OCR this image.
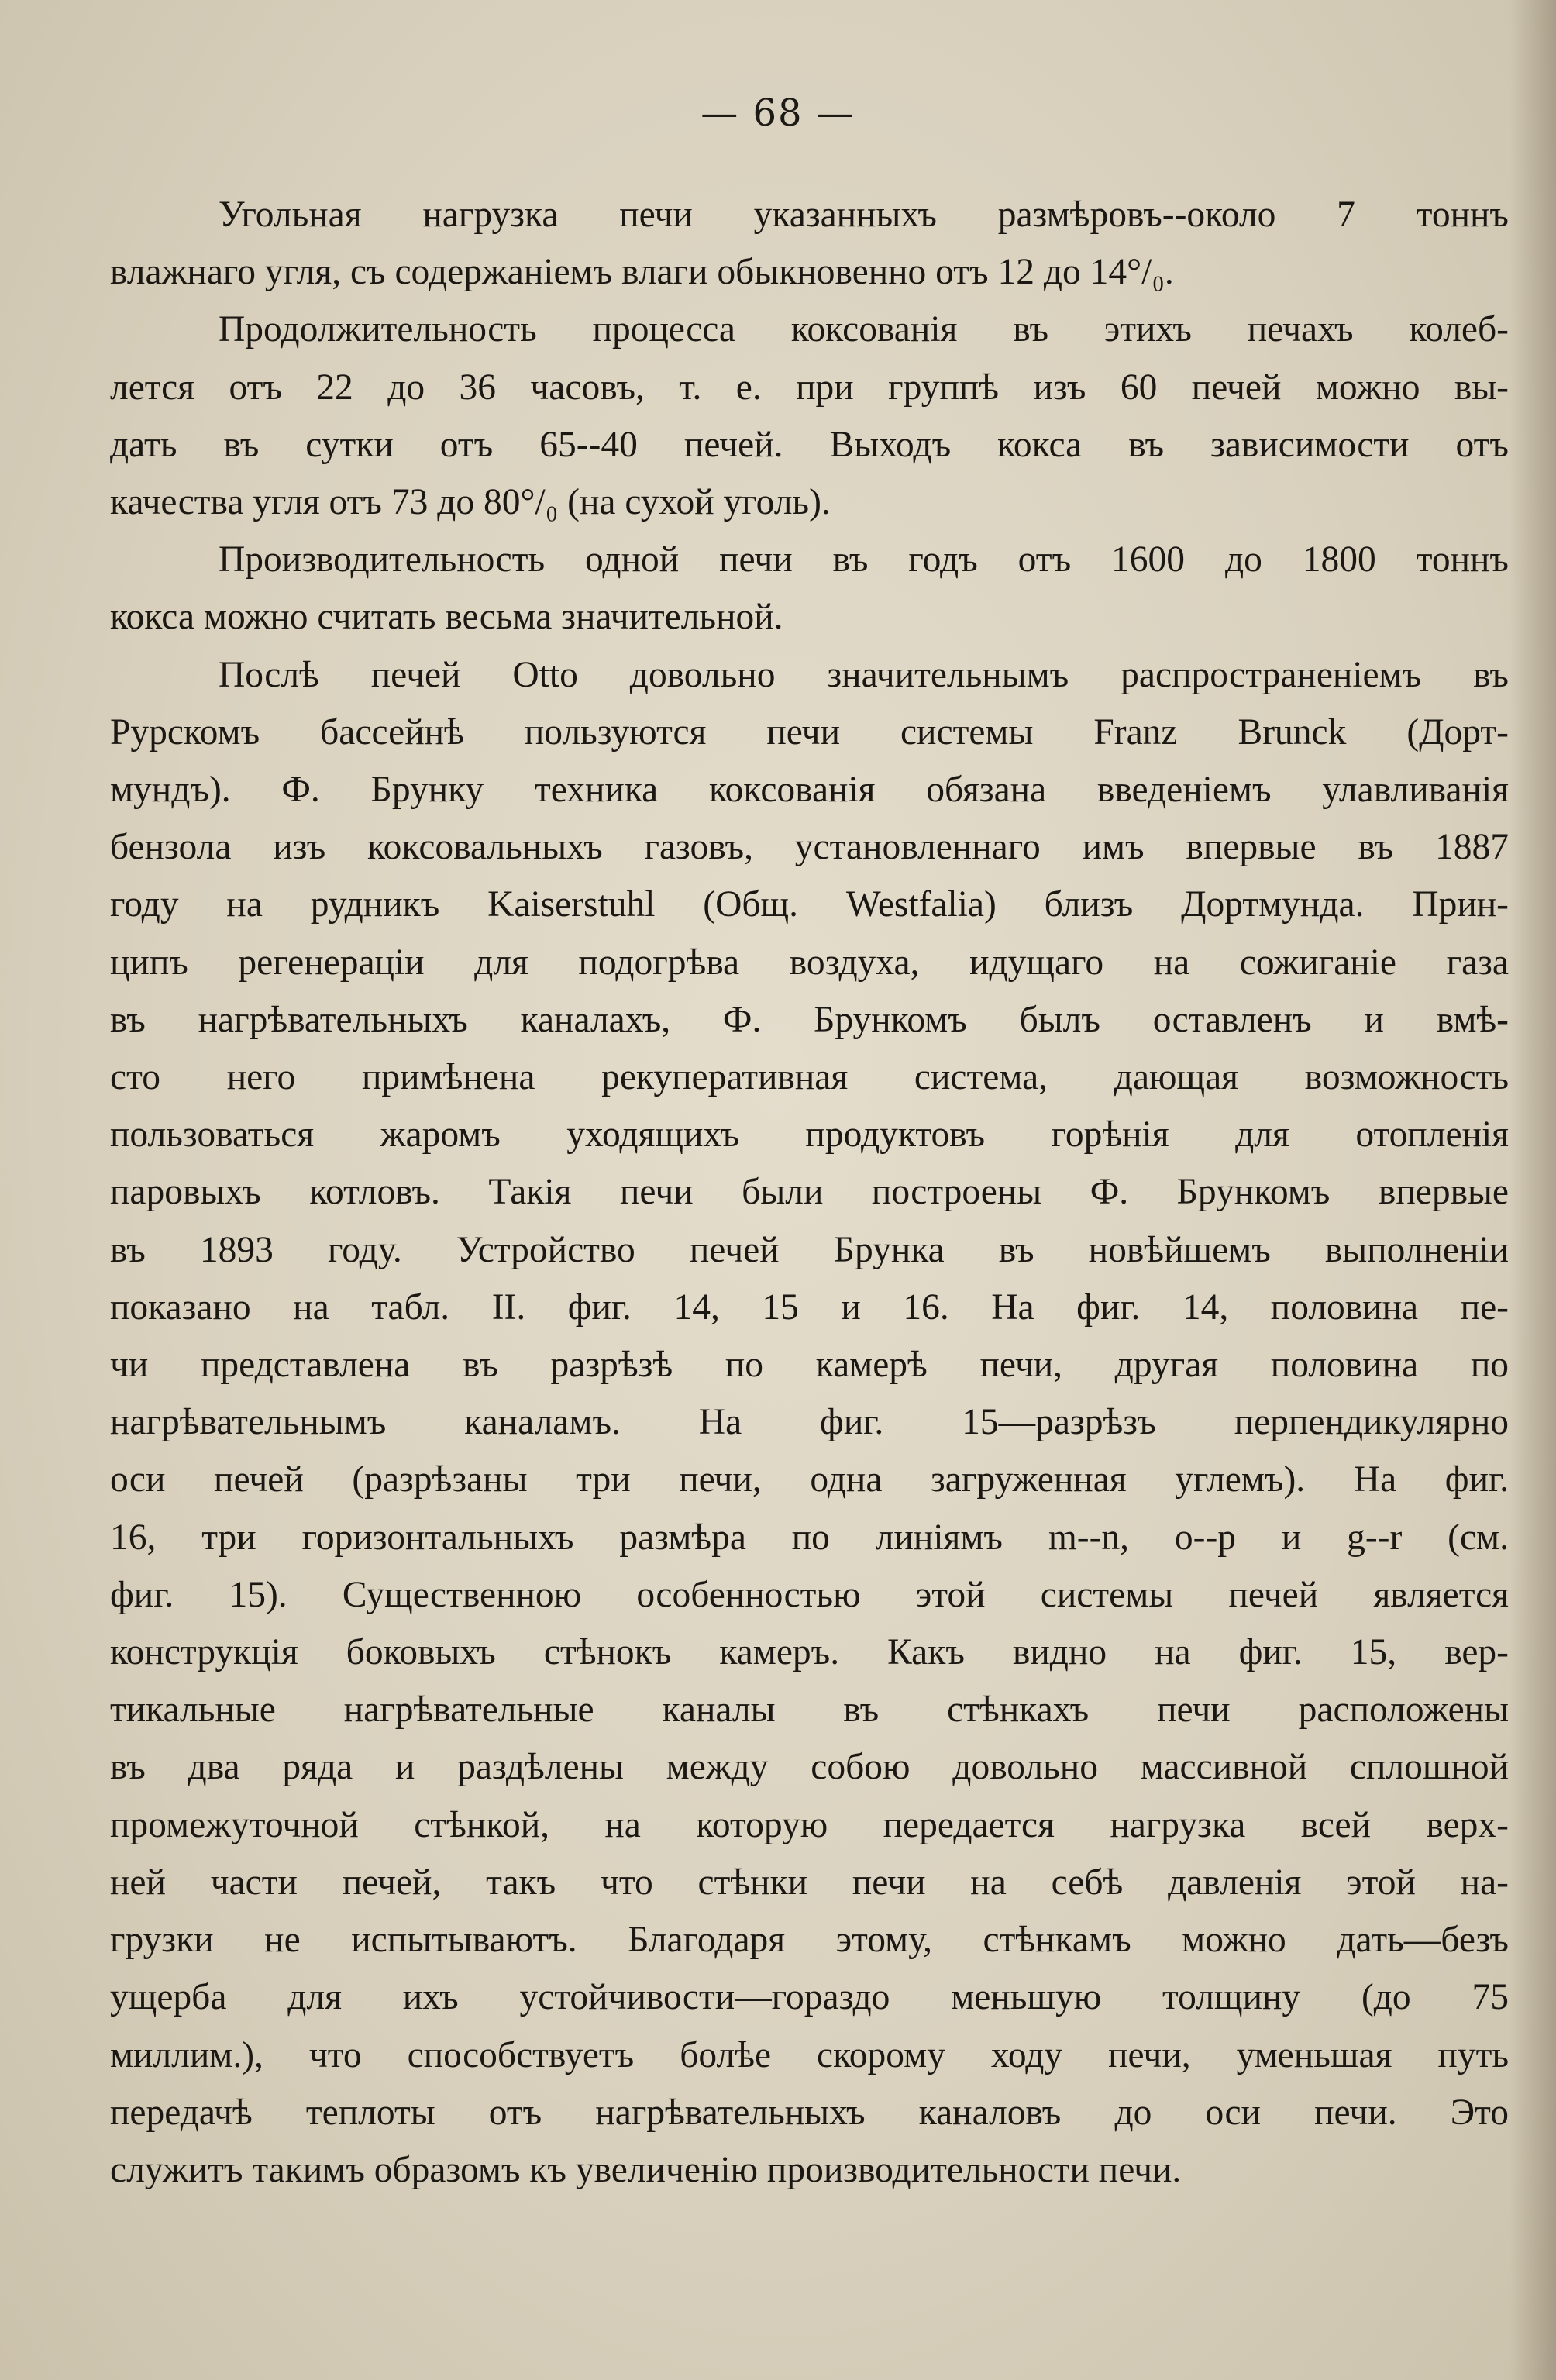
— 68 —
Угольная нагрузка печи указанныхъ размѣровъ--около 7 тоннъ
влажнаго угля, съ содержаніемъ влаги обыкновенно отъ 12 до 14°/₀.
Продолжительность процесса коксованія въ этихъ печахъ колеб-
лется отъ 22 до 36 часовъ, т. е. при группѣ изъ 60 печей можно вы-
дать въ сутки отъ 65--40 печей. Выходъ кокса въ зависимости отъ
качества угля отъ 73 до 80°/₀ (на сухой уголь).
Производительность одной печи въ годъ отъ 1600 до 1800 тоннъ
кокса можно считать весьма значительной.
Послѣ печей Otto довольно значительнымъ распространеніемъ въ
Рурскомъ бассейнѣ пользуются печи системы Franz Brunck (Дорт-
мундъ). Ф. Брунку техника коксованія обязана введеніемъ улавливанія
бензола изъ коксовальныхъ газовъ, установленнаго имъ впервые въ 1887
году на рудникъ Kaiserstuhl (Общ. Westfalia) близъ Дортмунда. Прин-
ципъ регенераціи для подогрѣва воздуха, идущаго на сожиганіе газа
въ нагрѣвательныхъ каналахъ, Ф. Брункомъ былъ оставленъ и вмѣ-
сто него примѣнена рекуперативная система, дающая возможность
пользоваться жаромъ уходящихъ продуктовъ горѣнія для отопленія
паровыхъ котловъ. Такія печи были построены Ф. Брункомъ впервые
въ 1893 году. Устройство печей Брунка въ новѣйшемъ выполненіи
показано на табл. II. фиг. 14, 15 и 16. На фиг. 14, половина пе-
чи представлена въ разрѣзѣ по камерѣ печи, другая половина по
нагрѣвательнымъ каналамъ. На фиг. 15—разрѣзъ перпендикулярно
оси печей (разрѣзаны три печи, одна загруженная углемъ). На фиг.
16, три горизонтальныхъ размѣра по линіямъ m--n, o--p и g--r (см.
фиг. 15). Существенною особенностью этой системы печей является
конструкція боковыхъ стѣнокъ камеръ. Какъ видно на фиг. 15, вер-
тикальные нагрѣвательные каналы въ стѣнкахъ печи расположены
въ два ряда и раздѣлены между собою довольно массивной сплошной
промежуточной стѣнкой, на которую передается нагрузка всей верх-
ней части печей, такъ что стѣнки печи на себѣ давленія этой на-
грузки не испытываютъ. Благодаря этому, стѣнкамъ можно дать—безъ
ущерба для ихъ устойчивости—гораздо меньшую толщину (до 75
миллим.), что способствуетъ болѣе скорому ходу печи, уменьшая путь
передачѣ теплоты отъ нагрѣвательныхъ каналовъ до оси печи. Это
служитъ такимъ образомъ къ увеличенію производительности печи.
